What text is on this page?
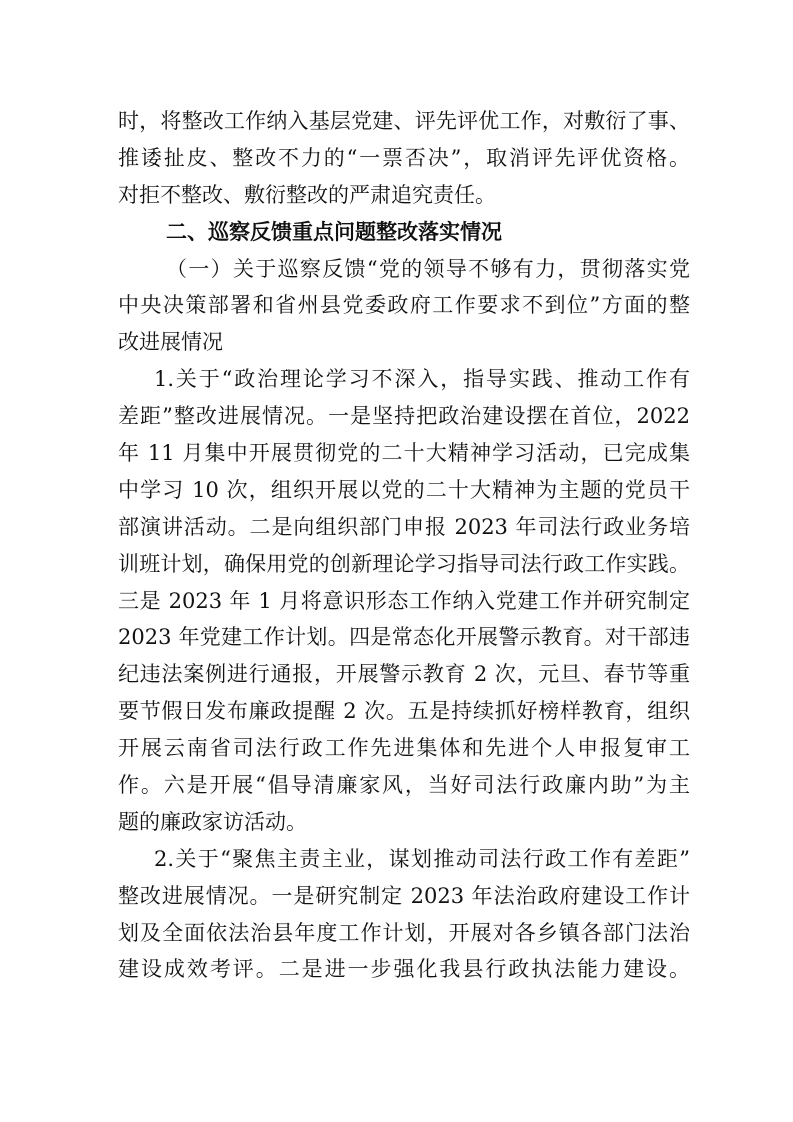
时，将整改工作纳入基层党建、评先评优工作，对敷衍了事、
推诿扯皮、整改不力的“一票否决”，取消评先评优资格。
对拒不整改、敷衍整改的严肃追究责任。
二、巡察反馈重点问题整改落实情况
（一）关于巡察反馈“党的领导不够有力，贯彻落实党
中央决策部署和省州县党委政府工作要求不到位”方面的整
改进展情况
1.关于“政治理论学习不深入，指导实践、推动工作有
差距”整改进展情况。一是坚持把政治建设摆在首位，2022
年 11 月集中开展贯彻党的二十大精神学习活动，已完成集
中学习 10 次，组织开展以党的二十大精神为主题的党员干
部演讲活动。二是向组织部门申报 2023 年司法行政业务培
训班计划，确保用党的创新理论学习指导司法行政工作实践。
三是 2023 年 1 月将意识形态工作纳入党建工作并研究制定
2023 年党建工作计划。四是常态化开展警示教育。对干部违
纪违法案例进行通报，开展警示教育 2 次，元旦、春节等重
要节假日发布廉政提醒 2 次。五是持续抓好榜样教育，组织
开展云南省司法行政工作先进集体和先进个人申报复审工
作。六是开展“倡导清廉家风，当好司法行政廉内助”为主
题的廉政家访活动。
2.关于“聚焦主责主业，谋划推动司法行政工作有差距”
整改进展情况。一是研究制定 2023 年法治政府建设工作计
划及全面依法治县年度工作计划，开展对各乡镇各部门法治
建设成效考评。二是进一步强化我县行政执法能力建设。
